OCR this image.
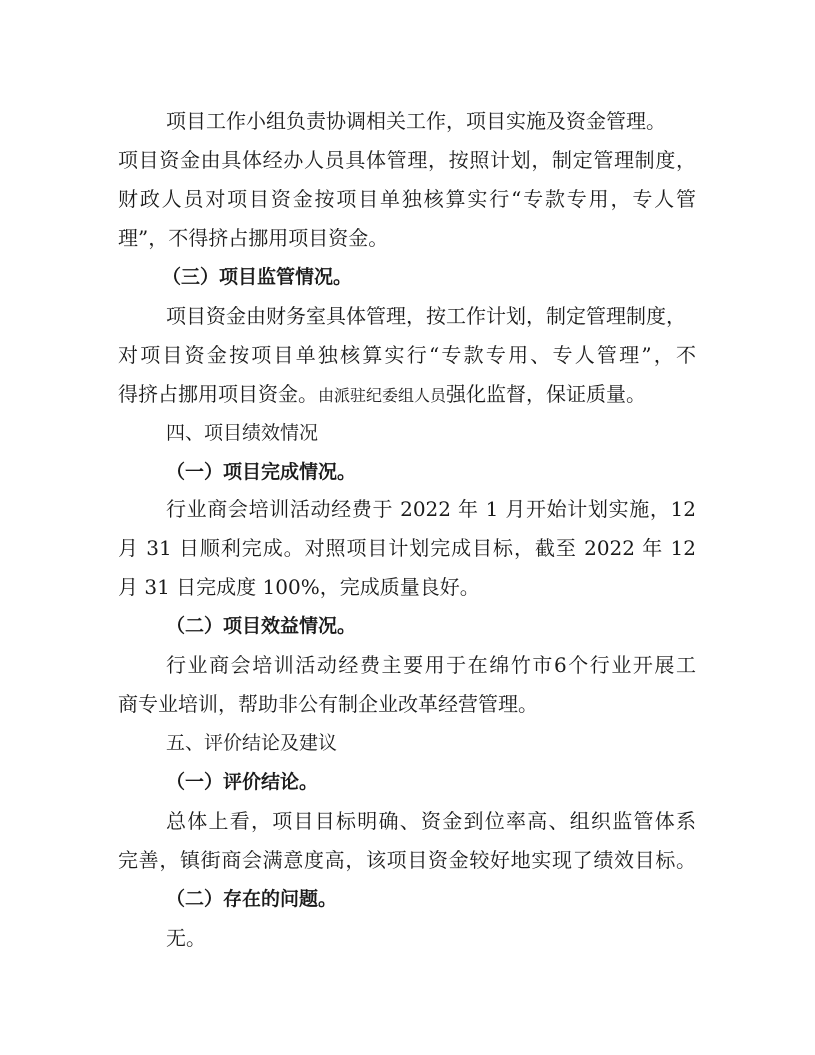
项目工作小组负责协调相关工作，项目实施及资金管理。
项目资金由具体经办人员具体管理，按照计划，制定管理制度，
财政人员对项目资金按项目单独核算实行“专款专用，专人管
理”，不得挤占挪用项目资金。
（三）项目监管情况。
项目资金由财务室具体管理，按工作计划，制定管理制度，
对项目资金按项目单独核算实行“专款专用、专人管理”，不
得挤占挪用项目资金。由派驻纪委组人员强化监督，保证质量。
四、项目绩效情况
（一）项目完成情况。
行业商会培训活动经费于 2022 年 1 月开始计划实施，12
月 31 日顺利完成。对照项目计划完成目标，截至 2022 年 12
月 31 日完成度 100%，完成质量良好。
（二）项目效益情况。
行业商会培训活动经费主要用于在绵竹市6个行业开展工
商专业培训，帮助非公有制企业改革经营管理。
五、评价结论及建议
（一）评价结论。
总体上看，项目目标明确、资金到位率高、组织监管体系
完善，镇街商会满意度高，该项目资金较好地实现了绩效目标。
（二）存在的问题。
无。
